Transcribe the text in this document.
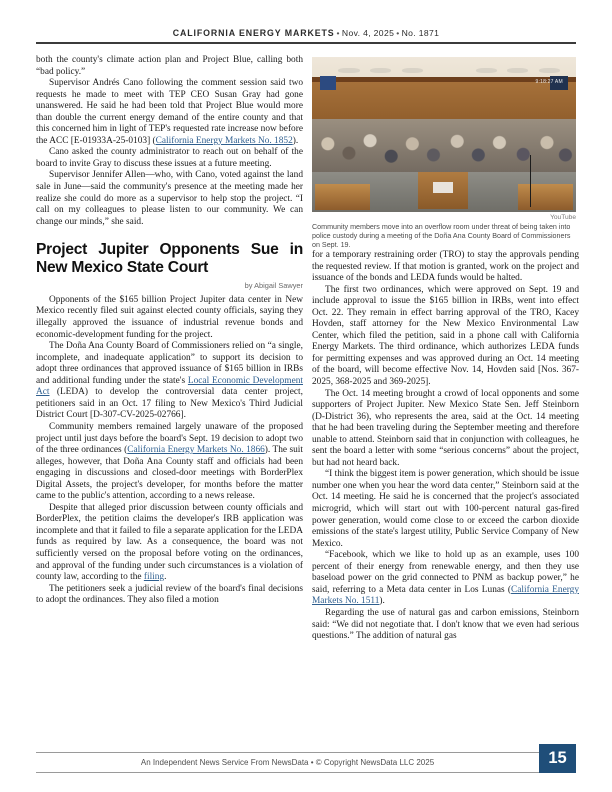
CALIFORNIA ENERGY MARKETS • Nov. 4, 2025 • No. 1871

both the county's climate action plan and Project Blue, calling both “bad policy.”

Supervisor Andrés Cano following the comment session said two requests he made to meet with TEP CEO Susan Gray had gone unanswered. He said he had been told that Project Blue would more than double the current energy demand of the entire county and that this concerned him in light of TEP's requested rate increase now before the ACC [E-01933A-25-0103] (California Energy Markets No. 1852).

Cano asked the county administrator to reach out on behalf of the board to invite Gray to discuss these issues at a future meeting.

Supervisor Jennifer Allen—who, with Cano, voted against the land sale in June—said the community's presence at the meeting made her realize she could do more as a supervisor to help stop the project. “I call on my colleagues to please listen to our community. We can change our minds,” she said.

Project Jupiter Opponents Sue in New Mexico State Court
by Abigail Sawyer

Opponents of the $165 billion Project Jupiter data center in New Mexico recently filed suit against elected county officials, saying they illegally approved the issuance of industrial revenue bonds and economic-development funding for the project.

The Doña Ana County Board of Commissioners relied on “a single, incomplete, and inadequate application” to support its decision to adopt three ordinances that approved issuance of $165 billion in IRBs and additional funding under the state's Local Economic Development Act (LEDA) to develop the controversial data center project, petitioners said in an Oct. 17 filing to New Mexico's Third Judicial District Court [D-307-CV-2025-02766].

Community members remained largely unaware of the proposed project until just days before the board's Sept. 19 decision to adopt two of the three ordinances (California Energy Markets No. 1866). The suit alleges, however, that Doña Ana County staff and officials had been engaging in discussions and closed-door meetings with BorderPlex Digital Assets, the project's developer, for months before the matter came to the public's attention, according to a news release.

Despite that alleged prior discussion between county officials and BorderPlex, the petition claims the developer's IRB application was incomplete and that it failed to file a separate application for the LEDA funds as required by law. As a consequence, the board was not sufficiently versed on the proposal before voting on the ordinances, and approval of the funding under such circumstances is a violation of county law, according to the filing.

The petitioners seek a judicial review of the board's final decisions to adopt the ordinances. They also filed a motion

9:18:27 AM
YouTube
Community members move into an overflow room under threat of being taken into police custody during a meeting of the Doña Ana County Board of Commissioners on Sept. 19.

for a temporary restraining order (TRO) to stay the approvals pending the requested review. If that motion is granted, work on the project and issuance of the bonds and LEDA funds would be halted.

The first two ordinances, which were approved on Sept. 19 and include approval to issue the $165 billion in IRBs, went into effect Oct. 22. They remain in effect barring approval of the TRO, Kacey Hovden, staff attorney for the New Mexico Environmental Law Center, which filed the petition, said in a phone call with California Energy Markets. The third ordinance, which authorizes LEDA funds for permitting expenses and was approved during an Oct. 14 meeting of the board, will become effective Nov. 14, Hovden said [Nos. 367-2025, 368-2025 and 369-2025].

The Oct. 14 meeting brought a crowd of local opponents and some supporters of Project Jupiter. New Mexico State Sen. Jeff Steinborn (D-District 36), who represents the area, said at the Oct. 14 meeting that he had been traveling during the September meeting and therefore unable to attend. Steinborn said that in conjunction with colleagues, he sent the board a letter with some “serious concerns” about the project, but had not heard back.

“I think the biggest item is power generation, which should be issue number one when you hear the word data center,” Steinborn said at the Oct. 14 meeting. He said he is concerned that the project's associated microgrid, which will start out with 100-percent natural gas-fired power generation, would come close to or exceed the carbon dioxide emissions of the state's largest utility, Public Service Company of New Mexico.

“Facebook, which we like to hold up as an example, uses 100 percent of their energy from renewable energy, and then they use baseload power on the grid connected to PNM as backup power,” he said, referring to a Meta data center in Los Lunas (California Energy Markets No. 1511).

Regarding the use of natural gas and carbon emissions, Steinborn said: “We did not negotiate that. I don't know that we even had serious questions.” The addition of natural gas

An Independent News Service From NewsData • © Copyright NewsData LLC 2025	15
